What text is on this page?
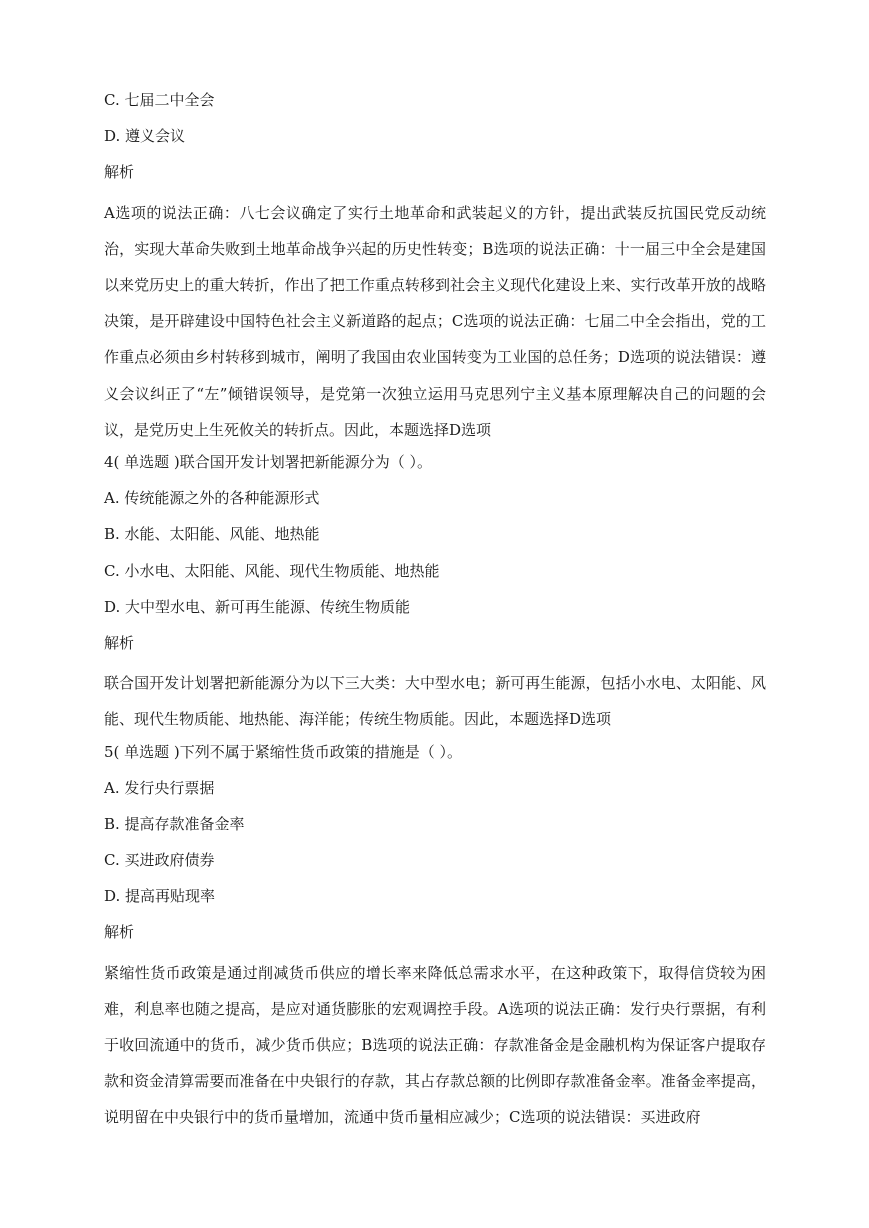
C. 七届二中全会
D. 遵义会议
解析

A选项的说法正确：八七会议确定了实行土地革命和武装起义的方针，提出武装反抗国民党反动统治，实现大革命失败到土地革命战争兴起的历史性转变；B选项的说法正确：十一届三中全会是建国以来党历史上的重大转折，作出了把工作重点转移到社会主义现代化建设上来、实行改革开放的战略决策，是开辟建设中国特色社会主义新道路的起点；C选项的说法正确：七届二中全会指出，党的工作重点必须由乡村转移到城市，阐明了我国由农业国转变为工业国的总任务；D选项的说法错误：遵义会议纠正了“左”倾错误领导，是党第一次独立运用马克思列宁主义基本原理解决自己的问题的会议，是党历史上生死攸关的转折点。因此，本题选择D选项

4( 单选题 )联合国开发计划署把新能源分为（ ）。
A. 传统能源之外的各种能源形式
B. 水能、太阳能、风能、地热能
C. 小水电、太阳能、风能、现代生物质能、地热能
D. 大中型水电、新可再生能源、传统生物质能
解析

联合国开发计划署把新能源分为以下三大类：大中型水电；新可再生能源，包括小水电、太阳能、风能、现代生物质能、地热能、海洋能；传统生物质能。因此，本题选择D选项

5( 单选题 )下列不属于紧缩性货币政策的措施是（ ）。
A. 发行央行票据
B. 提高存款准备金率
C. 买进政府债券
D. 提高再贴现率
解析

紧缩性货币政策是通过削减货币供应的增长率来降低总需求水平，在这种政策下，取得信贷较为困难，利息率也随之提高，是应对通货膨胀的宏观调控手段。A选项的说法正确：发行央行票据，有利于收回流通中的货币，减少货币供应；B选项的说法正确：存款准备金是金融机构为保证客户提取存款和资金清算需要而准备在中央银行的存款，其占存款总额的比例即存款准备金率。准备金率提高，说明留在中央银行中的货币量增加，流通中货币量相应减少；C选项的说法错误：买进政府
